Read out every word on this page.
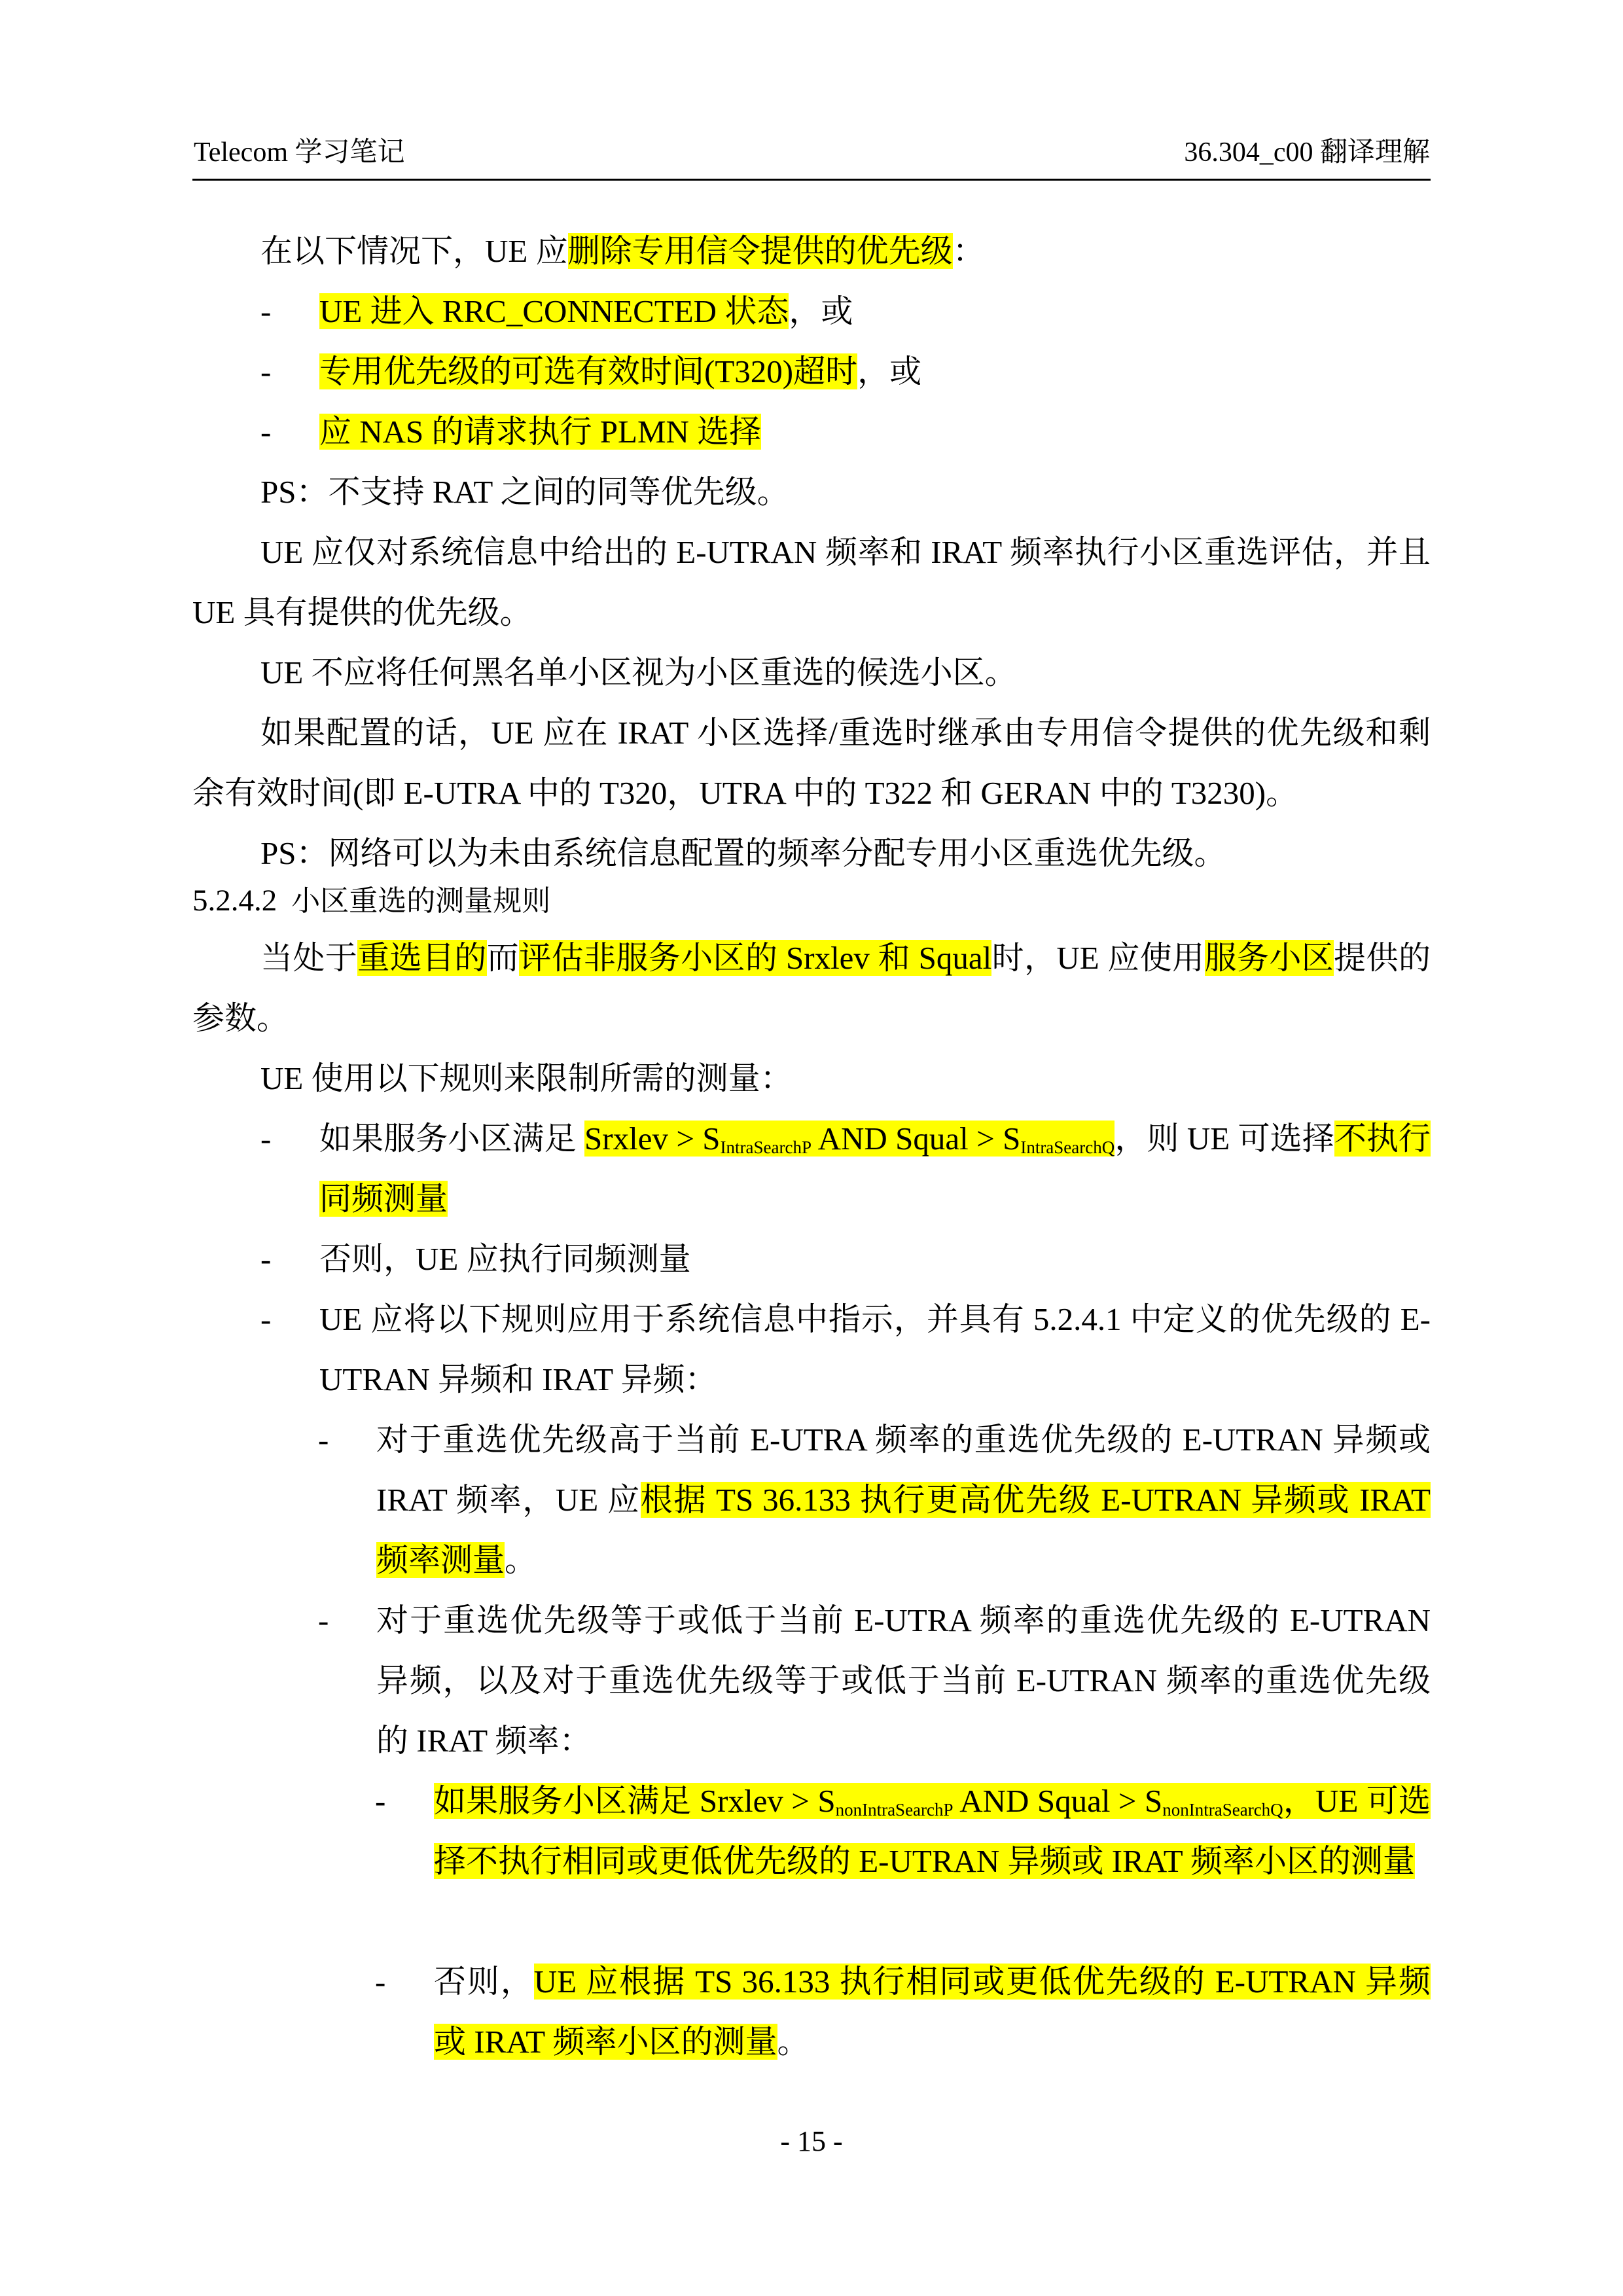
Telecom 学习笔记	36.304_c00 翻译理解
在以下情况下，UE 应删除专用信令提供的优先级：
- UE 进入 RRC_CONNECTED 状态，或
- 专用优先级的可选有效时间(T320)超时，或
- 应 NAS 的请求执行 PLMN 选择
PS：不支持 RAT 之间的同等优先级。
UE 应仅对系统信息中给出的 E-UTRAN 频率和 IRAT 频率执行小区重选评估，并且 UE 具有提供的优先级。
UE 不应将任何黑名单小区视为小区重选的候选小区。
如果配置的话，UE 应在 IRAT 小区选择/重选时继承由专用信令提供的优先级和剩余有效时间(即 E-UTRA 中的 T320，UTRA 中的 T322 和 GERAN 中的 T3230)。
PS：网络可以为未由系统信息配置的频率分配专用小区重选优先级。
5.2.4.2 小区重选的测量规则
当处于重选目的而评估非服务小区的 Srxlev 和 Squal时，UE 应使用服务小区提供的参数。
UE 使用以下规则来限制所需的测量：
- 如果服务小区满足 Srxlev > $S_{IntraSearchP}$ AND Squal > $S_{IntraSearchQ}$，则 UE 可选择不执行同频测量
- 否则，UE 应执行同频测量
- UE 应将以下规则应用于系统信息中指示，并具有 5.2.4.1 中定义的优先级的 E-UTRAN 异频和 IRAT 异频：
- 对于重选优先级高于当前 E-UTRA 频率的重选优先级的 E-UTRAN 异频或 IRAT 频率，UE 应根据 TS 36.133 执行更高优先级 E-UTRAN 异频或 IRAT 频率测量。
- 对于重选优先级等于或低于当前 E-UTRA 频率的重选优先级的 E-UTRAN 异频，以及对于重选优先级等于或低于当前 E-UTRAN 频率的重选优先级的 IRAT 频率：
- 如果服务小区满足 Srxlev > $S_{nonIntraSearchP}$ AND Squal > $S_{nonIntraSearchQ}$，UE 可选择不执行相同或更低优先级的 E-UTRAN 异频或 IRAT 频率小区的测量
- 否则，UE 应根据 TS 36.133 执行相同或更低优先级的 E-UTRAN 异频或 IRAT 频率小区的测量。
- 15 -
